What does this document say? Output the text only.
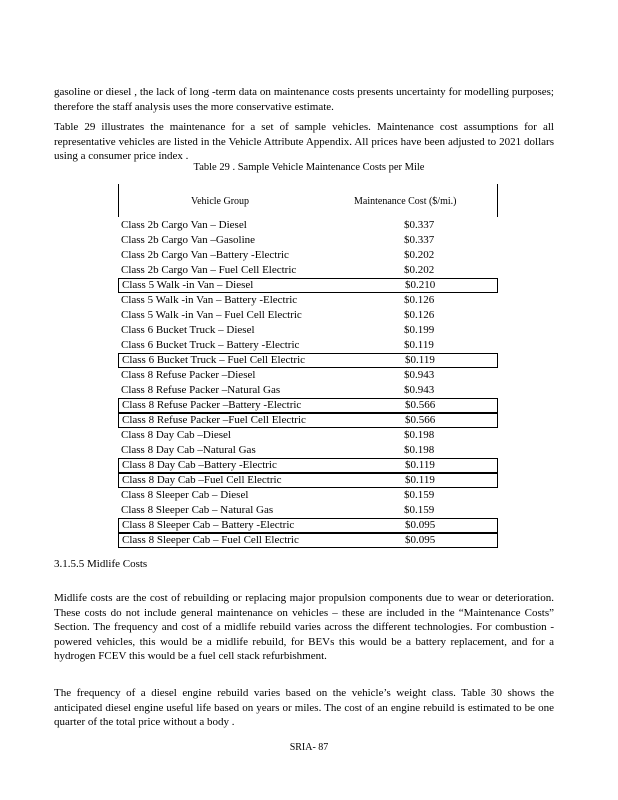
gasoline or diesel , the lack of long -term data on maintenance costs presents uncertainty for modelling purposes; therefore the staff analysis uses the more conservative estimate.

Table 29 illustrates the maintenance for a set of sample vehicles. Maintenance cost assumptions for all representative vehicles are listed in the Vehicle Attribute Appendix. All prices have been adjusted to 2021 dollars using a consumer price index .

Table 29 . Sample Vehicle Maintenance Costs per Mile
Vehicle Group	Maintenance Cost ($/mi.)
Class 2b Cargo Van – Diesel	$0.337
Class 2b Cargo Van –Gasoline	$0.337
Class 2b Cargo Van –Battery -Electric	$0.202
Class 2b Cargo Van – Fuel Cell Electric	$0.202
Class 5 Walk -in Van – Diesel	$0.210
Class 5 Walk -in Van – Battery -Electric	$0.126
Class 5 Walk -in Van – Fuel Cell Electric	$0.126
Class 6 Bucket Truck – Diesel	$0.199
Class 6 Bucket Truck – Battery -Electric	$0.119
Class 6 Bucket Truck – Fuel Cell Electric	$0.119
Class 8 Refuse Packer –Diesel	$0.943
Class 8 Refuse Packer –Natural Gas	$0.943
Class 8 Refuse Packer –Battery -Electric	$0.566
Class 8 Refuse Packer –Fuel Cell Electric	$0.566
Class 8 Day Cab –Diesel	$0.198
Class 8 Day Cab –Natural Gas	$0.198
Class 8 Day Cab –Battery -Electric	$0.119
Class 8 Day Cab –Fuel Cell Electric	$0.119
Class 8 Sleeper Cab – Diesel	$0.159
Class 8 Sleeper Cab – Natural Gas	$0.159
Class 8 Sleeper Cab – Battery -Electric	$0.095
Class 8 Sleeper Cab – Fuel Cell Electric	$0.095
3.1.5.5 Midlife Costs

Midlife costs are the cost of rebuilding or replacing major propulsion components due to wear or deterioration. These costs do not include general maintenance on vehicles – these are included in the “Maintenance Costs” Section. The frequency and cost of a midlife rebuild varies across the different technologies. For combustion -powered vehicles, this would be a midlife rebuild, for BEVs this would be a battery replacement, and for a hydrogen FCEV this would be a fuel cell stack refurbishment.

The frequency of a diesel engine rebuild varies based on the vehicle’s weight class. Table 30 shows the anticipated diesel engine useful life based on years or miles. The cost of an engine rebuild is estimated to be one quarter of the total price without a body .

SRIA- 87
